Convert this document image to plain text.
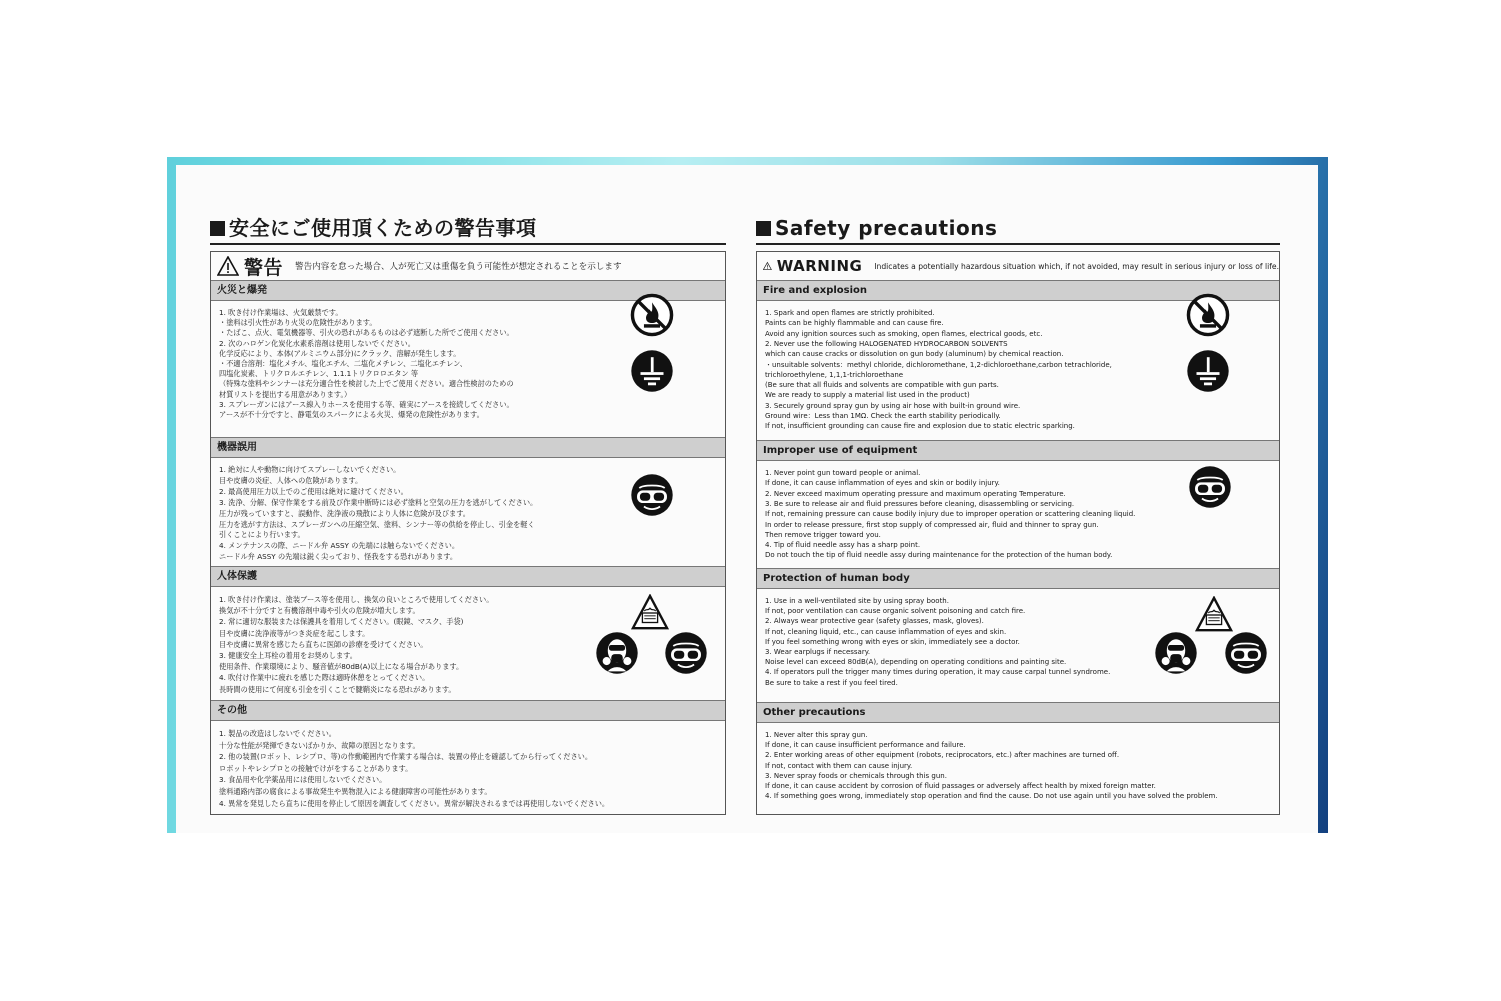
安全にご使用頂くための警告事項
警告 警告内容を怠った場合、人が死亡又は重傷を負う可能性が想定されることを示します
火災と爆発
1. 吹き付け作業場は、火気厳禁です。
・塗料は引火性があり火災の危険性があります。
・たばこ、点火、電気機器等、引火の恐れがあるものは必ず遮断した所でご使用ください。
2. 次のハロゲン化炭化水素系溶剤は使用しないでください。
化学反応により、本体(アルミニウム部分)にクラック、溶解が発生します。
・不適合溶剤：塩化メチル、塩化エチル、二塩化メチレン、二塩化エチレン、
四塩化炭素、トリクロルエチレン、1.1.1トリクロロエタン 等
（特殊な塗料やシンナーは充分適合性を検討した上でご使用ください。適合性検討のための
材質リストを提出する用意があります。）
3. スプレーガンにはアース線入りホースを使用する等、確実にアースを接続してください。
アースが不十分ですと、静電気のスパークによる火災、爆発の危険性があります。
機器誤用
1. 絶対に人や動物に向けてスプレーしないでください。
目や皮膚の炎症、人体への危険があります。
2. 最高使用圧力以上でのご使用は絶対に避けてください。
3. 洗浄、分解、保守作業をする前及び作業中断時には必ず塗料と空気の圧力を逃がしてください。
圧力が残っていますと、誤動作、洗浄液の飛散により人体に危険が及びます。
圧力を逃がす方法は、スプレーガンへの圧縮空気、塗料、シンナー等の供給を停止し、引金を軽く
引くことにより行います。
4. メンテナンスの際、ニードル弁 ASSY の先端には触らないでください。
ニードル弁 ASSY の先端は鋭く尖っており、怪我をする恐れがあります。
人体保護
1. 吹き付け作業は、塗装ブース等を使用し、換気の良いところで使用してください。
換気が不十分ですと有機溶剤中毒や引火の危険が増大します。
2. 常に適切な服装または保護具を着用してください。(眼鏡、マスク、手袋)
目や皮膚に洗浄液等がつき炎症を起こします。
目や皮膚に異常を感じたら直ちに医師の診療を受けてください。
3. 健康安全上耳栓の着用をお奨めします。
使用条件、作業環境により、騒音値が80dB(A)以上になる場合があります。
4. 吹付け作業中に疲れを感じた際は適時休憩をとってください。
長時間の使用にて何度も引金を引くことで腱鞘炎になる恐れがあります。
その他
1. 製品の改造はしないでください。
十分な性能が発揮できないばかりか、故障の原因となります。
2. 他の装置(ロボット、レシプロ、等)の作動範囲内で作業する場合は、装置の停止を確認してから行ってください。
ロボットやレシプロとの接触でけがをすることがあります。
3. 食品用や化学薬品用には使用しないでください。
塗料通路内部の腐食による事故発生や異物混入による健康障害の可能性があります。
4. 異常を発見したら直ちに使用を停止して原因を調査してください。異常が解決されるまでは再使用しないでください。
Safety precautions
WARNING Indicates a potentially hazardous situation which, if not avoided, may result in serious injury or loss of life.
Fire and explosion
1. Spark and open flames are strictly prohibited.
Paints can be highly flammable and can cause fire.
Avoid any ignition sources such as smoking, open flames, electrical goods, etc.
2. Never use the following HALOGENATED HYDROCARBON SOLVENTS
which can cause cracks or dissolution on gun body (aluminum) by chemical reaction.
・unsuitable solvents：methyl chloride, dichloromethane, 1,2-dichloroethane,carbon tetrachloride,
trichloroethylene, 1,1,1-trichloroethane
(Be sure that all fluids and solvents are compatible with gun parts.
We are ready to supply a material list used in the product)
3. Securely ground spray gun by using air hose with built-in ground wire.
Ground wire：Less than 1MΩ. Check the earth stability periodically.
If not, insufficient grounding can cause fire and explosion due to static electric sparking.
Improper use of equipment
1. Never point gun toward people or animal.
If done, it can cause inflammation of eyes and skin or bodily injury.
2. Never exceed maximum operating pressure and maximum operating Temperature.
3. Be sure to release air and fluid pressures before cleaning, disassembling or servicing.
If not, remaining pressure can cause bodily injury due to improper operation or scattering cleaning liquid.
In order to release pressure, first stop supply of compressed air, fluid and thinner to spray gun.
Then remove trigger toward you.
4. Tip of fluid needle assy has a sharp point.
Do not touch the tip of fluid needle assy during maintenance for the protection of the human body.
Protection of human body
1. Use in a well-ventilated site by using spray booth.
If not, poor ventilation can cause organic solvent poisoning and catch fire.
2. Always wear protective gear (safety glasses, mask, gloves).
If not, cleaning liquid, etc., can cause inflammation of eyes and skin.
If you feel something wrong with eyes or skin, immediately see a doctor.
3. Wear earplugs if necessary.
Noise level can exceed 80dB(A), depending on operating conditions and painting site.
4. If operators pull the trigger many times during operation, it may cause carpal tunnel syndrome.
Be sure to take a rest if you feel tired.
Other precautions
1. Never alter this spray gun.
If done, it can cause insufficient performance and failure.
2. Enter working areas of other equipment (robots, reciprocators, etc.) after machines are turned off.
If not, contact with them can cause injury.
3. Never spray foods or chemicals through this gun.
If done, it can cause accident by corrosion of fluid passages or adversely affect health by mixed foreign matter.
4. If something goes wrong, immediately stop operation and find the cause. Do not use again until you have solved the problem.
